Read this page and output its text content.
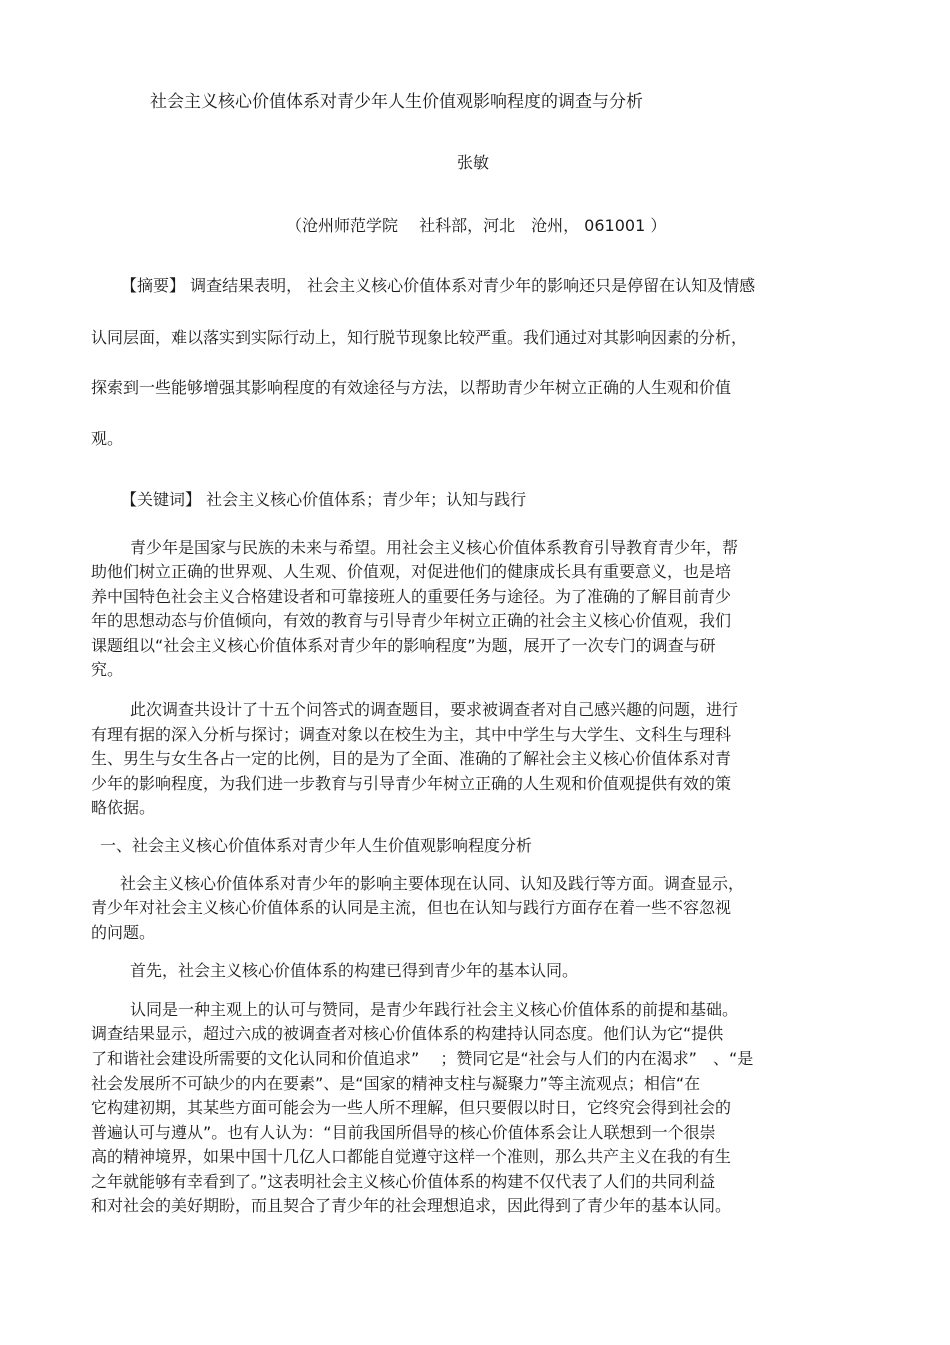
社会主义核心价值体系对青少年人生价值观影响程度的调查与分析
张敏
（沧州师范学院　 社科部，河北　沧州， 061001 ）
【摘要】 调查结果表明， 社会主义核心价值体系对青少年的影响还只是停留在认知及情感
认同层面，难以落实到实际行动上，知行脱节现象比较严重。我们通过对其影响因素的分析，
探索到一些能够增强其影响程度的有效途径与方法，以帮助青少年树立正确的人生观和价值
观。
【关键词】 社会主义核心价值体系；青少年；认知与践行
青少年是国家与民族的未来与希望。用社会主义核心价值体系教育引导教育青少年，帮
助他们树立正确的世界观、人生观、价值观，对促进他们的健康成长具有重要意义，也是培
养中国特色社会主义合格建设者和可靠接班人的重要任务与途径。为了准确的了解目前青少
年的思想动态与价值倾向，有效的教育与引导青少年树立正确的社会主义核心价值观，我们
课题组以“社会主义核心价值体系对青少年的影响程度”为题，展开了一次专门的调查与研
究。
此次调查共设计了十五个问答式的调查题目，要求被调查者对自己感兴趣的问题，进行
有理有据的深入分析与探讨；调查对象以在校生为主，其中中学生与大学生、文科生与理科
生、男生与女生各占一定的比例，目的是为了全面、准确的了解社会主义核心价值体系对青
少年的影响程度，为我们进一步教育与引导青少年树立正确的人生观和价值观提供有效的策
略依据。
一、社会主义核心价值体系对青少年人生价值观影响程度分析
社会主义核心价值体系对青少年的影响主要体现在认同、认知及践行等方面。调查显示，
青少年对社会主义核心价值体系的认同是主流，但也在认知与践行方面存在着一些不容忽视
的问题。
首先，社会主义核心价值体系的构建已得到青少年的基本认同。
认同是一种主观上的认可与赞同，是青少年践行社会主义核心价值体系的前提和基础。
调查结果显示，超过六成的被调查者对核心价值体系的构建持认同态度。他们认为它“提供
了和谐社会建设所需要的文化认同和价值追求”　 ；赞同它是“社会与人们的内在渴求”　、“是
社会发展所不可缺少的内在要素”、是“国家的精神支柱与凝聚力”等主流观点；相信“在
它构建初期，其某些方面可能会为一些人所不理解，但只要假以时日，它终究会得到社会的
普遍认可与遵从”。也有人认为：“目前我国所倡导的核心价值体系会让人联想到一个很崇
高的精神境界，如果中国十几亿人口都能自觉遵守这样一个准则，那么共产主义在我的有生
之年就能够有幸看到了。”这表明社会主义核心价值体系的构建不仅代表了人们的共同利益
和对社会的美好期盼，而且契合了青少年的社会理想追求，因此得到了青少年的基本认同。
